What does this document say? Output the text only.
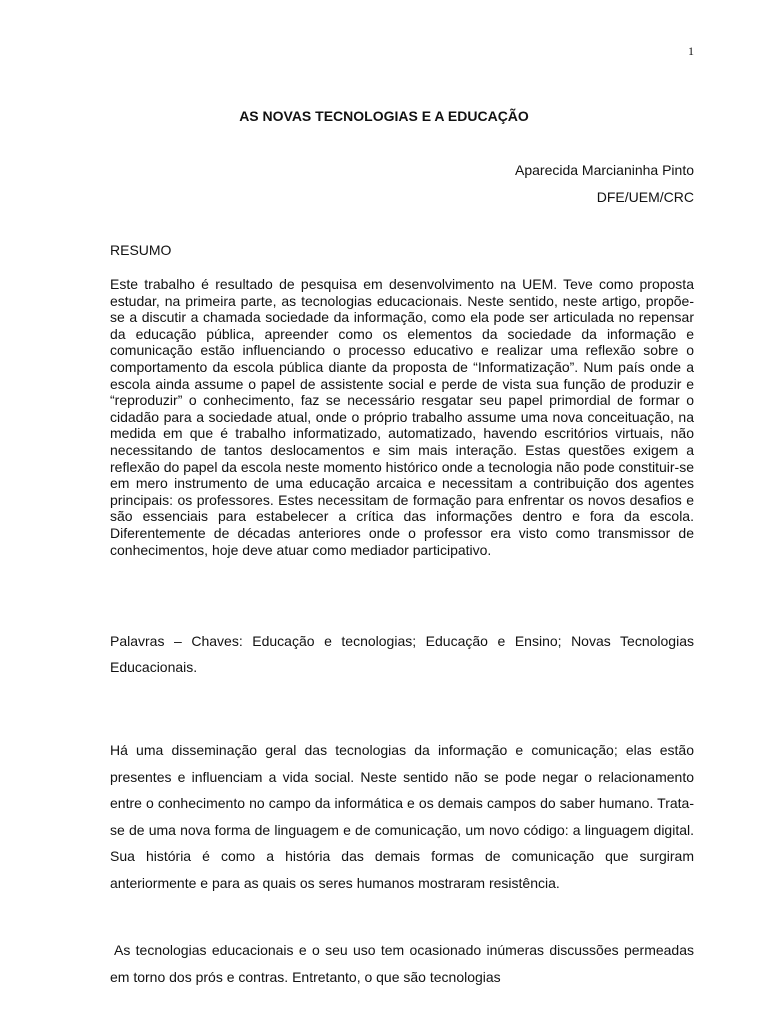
1
AS NOVAS TECNOLOGIAS E A EDUCAÇÃO
Aparecida Marcianinha Pinto
DFE/UEM/CRC
RESUMO

Este trabalho é resultado de pesquisa em desenvolvimento na UEM. Teve como proposta estudar, na primeira parte, as tecnologias educacionais. Neste sentido, neste artigo, propõe-se a discutir a chamada sociedade da informação, como ela pode ser articulada no repensar da educação pública, apreender como os elementos da sociedade da informação e comunicação estão influenciando o processo educativo e realizar uma reflexão sobre o comportamento da escola pública diante da proposta de “Informatização”. Num país onde a escola ainda assume o papel de assistente social e perde de vista sua função de produzir e “reproduzir” o conhecimento, faz se necessário resgatar seu papel primordial de formar o cidadão para a sociedade atual, onde o próprio trabalho assume uma nova conceituação, na medida em que é trabalho informatizado, automatizado, havendo escritórios virtuais, não necessitando de tantos deslocamentos e sim mais interação. Estas questões exigem a reflexão do papel da escola neste momento histórico onde a tecnologia não pode constituir-se em mero instrumento de uma educação arcaica e necessitam a contribuição dos agentes principais: os professores. Estes necessitam de formação para enfrentar os novos desafios e são essenciais para estabelecer a crítica das informações dentro e fora da escola. Diferentemente de décadas anteriores onde o professor era visto como transmissor de conhecimentos, hoje deve atuar como mediador participativo.

Palavras – Chaves: Educação e tecnologias; Educação e Ensino; Novas Tecnologias Educacionais.

Há uma disseminação geral das tecnologias da informação e comunicação; elas estão presentes e influenciam a vida social. Neste sentido não se pode negar o relacionamento entre o conhecimento no campo da informática e os demais campos do saber humano. Trata-se de uma nova forma de linguagem e de comunicação, um novo código: a linguagem digital. Sua história é como a história das demais formas de comunicação que surgiram anteriormente e para as quais os seres humanos mostraram resistência.

As tecnologias educacionais e o seu uso tem ocasionado inúmeras discussões permeadas em torno dos prós e contras. Entretanto, o que são tecnologias
